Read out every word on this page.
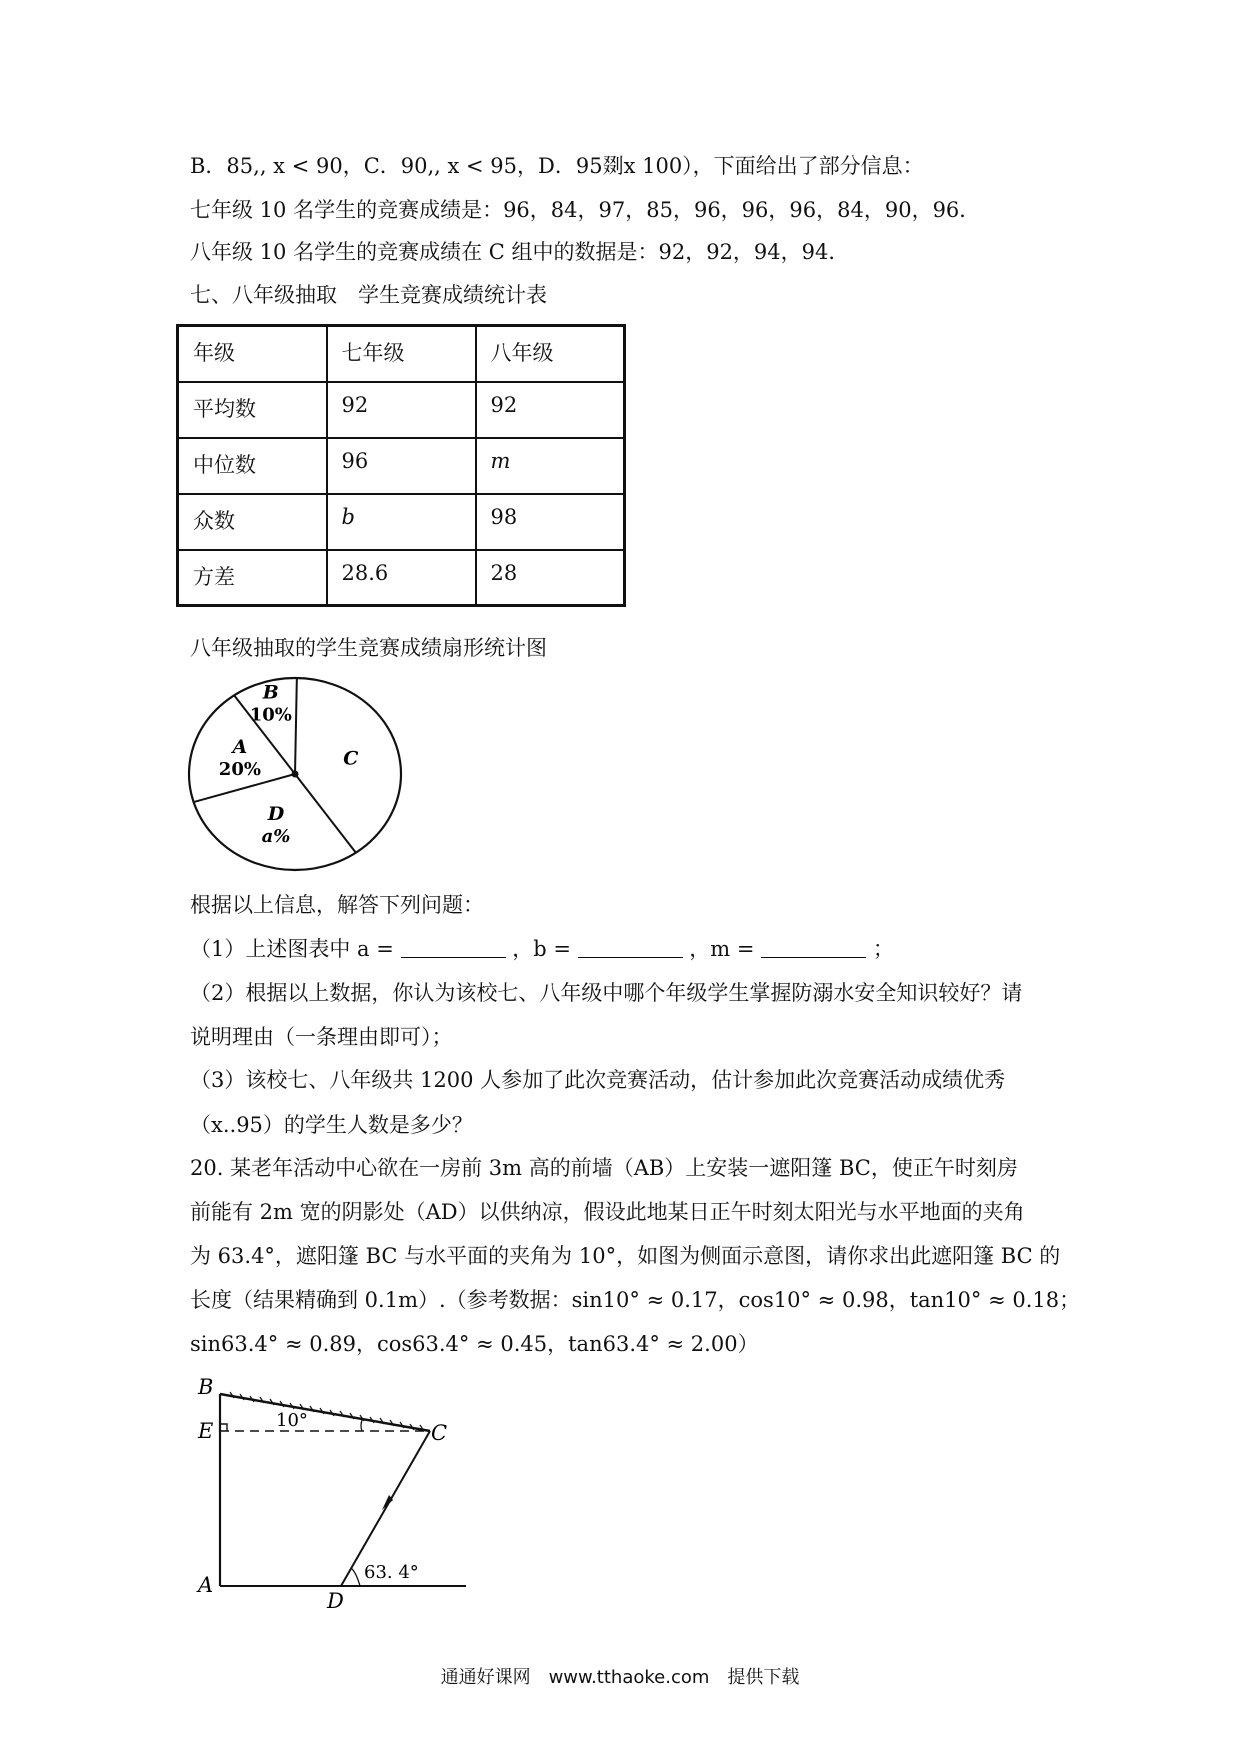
B．85,, x < 90，C．90,, x < 95，D．95剟x 100），下面给出了部分信息：
七年级 10 名学生的竞赛成绩是：96，84，97，85，96，96，96，84，90，96．
八年级 10 名学生的竞赛成绩在 C 组中的数据是：92，92，94，94．
七、八年级抽取　学生竞赛成绩统计表
年级	七年级	八年级
平均数	92	92
中位数	96	m
众数	b	98
方差	28.6	28
八年级抽取的学生竞赛成绩扇形统计图
A
20%
B
10%
C
D
a%
根据以上信息，解答下列问题：
（1）上述图表中 a =	，b =	，m =	；
（2）根据以上数据，你认为该校七、八年级中哪个年级学生掌握防溺水安全知识较好？请
说明理由（一条理由即可）；
（3）该校七、八年级共 1200 人参加了此次竞赛活动，估计参加此次竞赛活动成绩优秀
（x..95）的学生人数是多少？
20. 某老年活动中心欲在一房前 3m 高的前墙（AB）上安装一遮阳篷 BC，使正午时刻房
前能有 2m 宽的阴影处（AD）以供纳凉，假设此地某日正午时刻太阳光与水平地面的夹角
为 63.4°，遮阳篷 BC 与水平面的夹角为 10°，如图为侧面示意图，请你求出此遮阳篷 BC 的
长度（结果精确到 0.1m）.（参考数据：sin10° ≈ 0.17，cos10° ≈ 0.98，tan10° ≈ 0.18；
sin63.4° ≈ 0.89，cos63.4° ≈ 0.45，tan63.4° ≈ 2.00）
B
E
A
D
C
10°
63. 4°
通通好课网　www.tthaoke.com　提供下载
